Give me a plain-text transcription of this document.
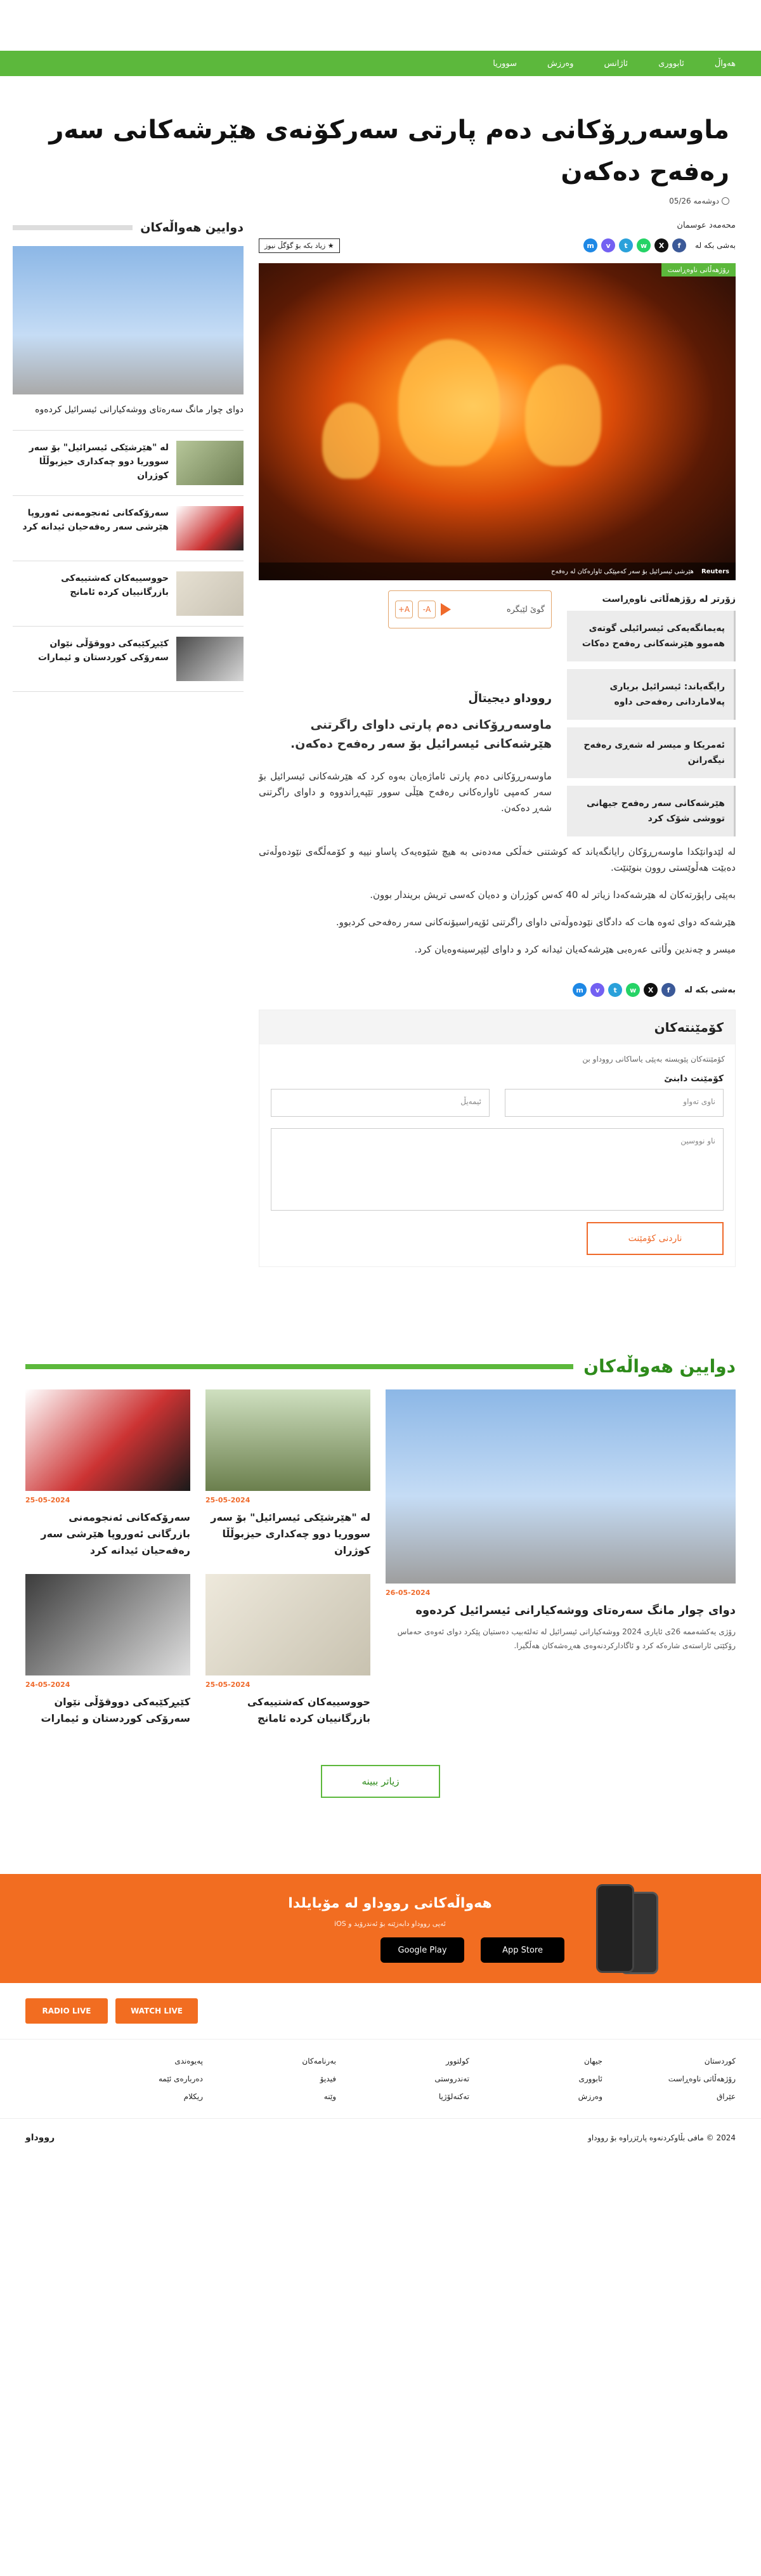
هەواڵ
ئابووری
ئاژانس
وەرزش
سووریا
ماوسەرڕۆکانی دەم پارتی سەرکۆنەی هێرشەکانی سەر رەفەح دەکەن
دوشەمە 05/26
محەمەد عوسمان
بەشی بکە لە
f
X
w
t
v
m
★ زیاد بکە بۆ گۆگڵ نیوز
رۆژهەڵاتی ناوەڕاست
Reuters
هێرشی ئیسرائیل بۆ سەر کەمپێکی ئاوارەکان لە رەفەح
زۆرتر لە رۆژهەڵاتی ناوەڕاست
پەیمانگەیەکی ئیسرائیلی گوتەی هەموو هێرشەکانی رەفەح دەکات
رایگەیاند: ئیسرائیل بریاری پەلاماردانی رەفەحی داوە
ئەمریکا و میسر لە شەڕی رەفەح نیگەرانن
هێرشەکانی سەر رەفەح جیهانی تووشی شۆک کرد
گوێ لێبگرە
A-
A+
رووداو دیجیتاڵ

ماوسەرڕۆکانی دەم پارتی داوای راگرتنی هێرشەکانی ئیسرائیل بۆ سەر رەفەح دەکەن.

ماوسەرڕۆکانی دەم پارتی ئاماژەیان بەوە کرد کە هێرشەکانی ئیسرائیل بۆ سەر کەمپی ئاوارەکانی رەفەح هێڵی سوور تێپەڕاندووە و داوای راگرتنی شەڕ دەکەن.

لە لێدوانێکدا ماوسەرڕۆکان رایانگەیاند کە کوشتنی خەڵکی مەدەنی بە هیچ شێوەیەک پاساو نییە و کۆمەڵگەی نێودەوڵەتی دەبێت هەڵوێستی روون بنوێنێت.

بەپێی راپۆرتەکان لە هێرشەکەدا زیاتر لە 40 کەس کوژران و دەیان کەسی تریش بریندار بوون.

هێرشەکە دوای ئەوە هات کە دادگای نێودەوڵەتی داوای راگرتنی ئۆپەراسیۆنەکانی سەر رەفەحی کردبوو.

میسر و چەندین وڵاتی عەرەبی هێرشەکەیان ئیدانە کرد و داوای لێپرسینەوەیان کرد.

بەشی بکە لە
f
X
w
t
v
m
کۆمێنتەکان
کۆمێنتەکان پێویستە بەپێی یاساکانی رووداو بن
کۆمێنت دابنێ
ناوی تەواو
ئیمەیڵ
ناو نووسین
ناردنی کۆمێنت
دوایین هەواڵەکان
دوای چوار مانگ سەرەتای ووشەکیارانی ئیسرائیل کردەوە
لە "هێرشێکی ئیسرائیل" بۆ سەر سووریا دوو چەکداری حیزبوڵڵا کوژران
سەرۆکەکانی ئەنجومەنی ئەوروپا هێرشی سەر رەفەحیان ئیدانە کرد
حووسییەکان کەشتییەکی بازرگانییان کردە ئامانج
کێبڕکێیەکی دووقۆڵی نێوان سەرۆکی کوردستان و ئیمارات
دوایین هەواڵەکان
26-05-2024
دوای چوار مانگ سەرەتای ووشەکیارانی ئیسرائیل کردەوە
رۆژی یەکشەممە 26ی ئایاری 2024 ووشەکیارانی ئیسرائیل لە تەلئەبیب دەستیان پێکرد دوای ئەوەی حەماس رۆکێتی ئاراستەی شارەکە کرد و ئاگادارکردنەوەی هەڕەشەکان هەڵگیرا.
25-05-2024
لە "هێرشێکی ئیسرائیل" بۆ سەر سووریا دوو چەکداری حیزبوڵڵا کوژران
25-05-2024
سەرۆکەکانی ئەنجومەنی بازرگانی ئەوروپا هێرشی سەر رەفەحیان ئیدانە کرد
25-05-2024
حووسییەکان کەشتییەکی بازرگانییان کردە ئامانج
24-05-2024
کێبڕکێیەکی دووقۆڵی نێوان سەرۆکی کوردستان و ئیمارات
زیاتر ببینە
هەواڵەکانی رووداو لە مۆبایلدا
ئەپی رووداو دابەزێنە بۆ ئەندرۆید و iOS
Google Play	App Store
RADIO LIVE	WATCH LIVE
کوردستان
رۆژهەڵاتی ناوەڕاست
عێراق
جیهان
ئابووری
وەرزش
کولتوور
تەندروستی
تەکنەلۆژیا
بەرنامەکان
فیدیۆ
وێنە
پەیوەندی
دەربارەی ئێمە
ریکلام
2024 © مافی بڵاوکردنەوە پارێزراوە بۆ رووداو
رووداو
